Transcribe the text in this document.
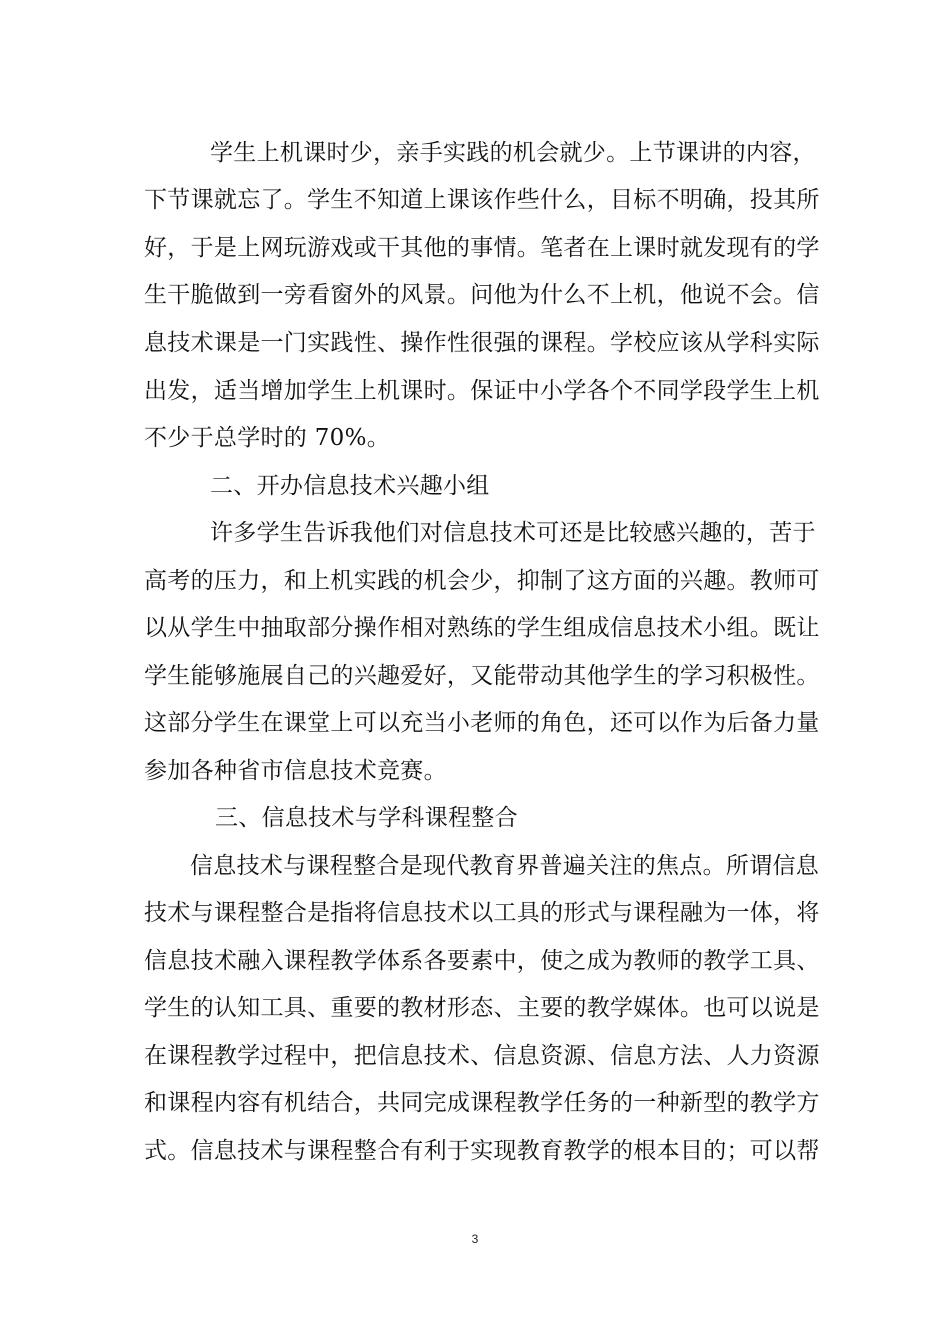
学生上机课时少，亲手实践的机会就少。上节课讲的内容，
下节课就忘了。学生不知道上课该作些什么，目标不明确，投其所
好，于是上网玩游戏或干其他的事情。笔者在上课时就发现有的学
生干脆做到一旁看窗外的风景。问他为什么不上机，他说不会。信
息技术课是一门实践性、操作性很强的课程。学校应该从学科实际
出发，适当增加学生上机课时。保证中小学各个不同学段学生上机
不少于总学时的 70%。
二、开办信息技术兴趣小组
许多学生告诉我他们对信息技术可还是比较感兴趣的，苦于
高考的压力，和上机实践的机会少，抑制了这方面的兴趣。教师可
以从学生中抽取部分操作相对熟练的学生组成信息技术小组。既让
学生能够施展自己的兴趣爱好，又能带动其他学生的学习积极性。
这部分学生在课堂上可以充当小老师的角色，还可以作为后备力量
参加各种省市信息技术竞赛。
三、信息技术与学科课程整合
信息技术与课程整合是现代教育界普遍关注的焦点。所谓信息
技术与课程整合是指将信息技术以工具的形式与课程融为一体，将
信息技术融入课程教学体系各要素中，使之成为教师的教学工具、
学生的认知工具、重要的教材形态、主要的教学媒体。也可以说是
在课程教学过程中，把信息技术、信息资源、信息方法、人力资源
和课程内容有机结合，共同完成课程教学任务的一种新型的教学方
式。信息技术与课程整合有利于实现教育教学的根本目的；可以帮
3
